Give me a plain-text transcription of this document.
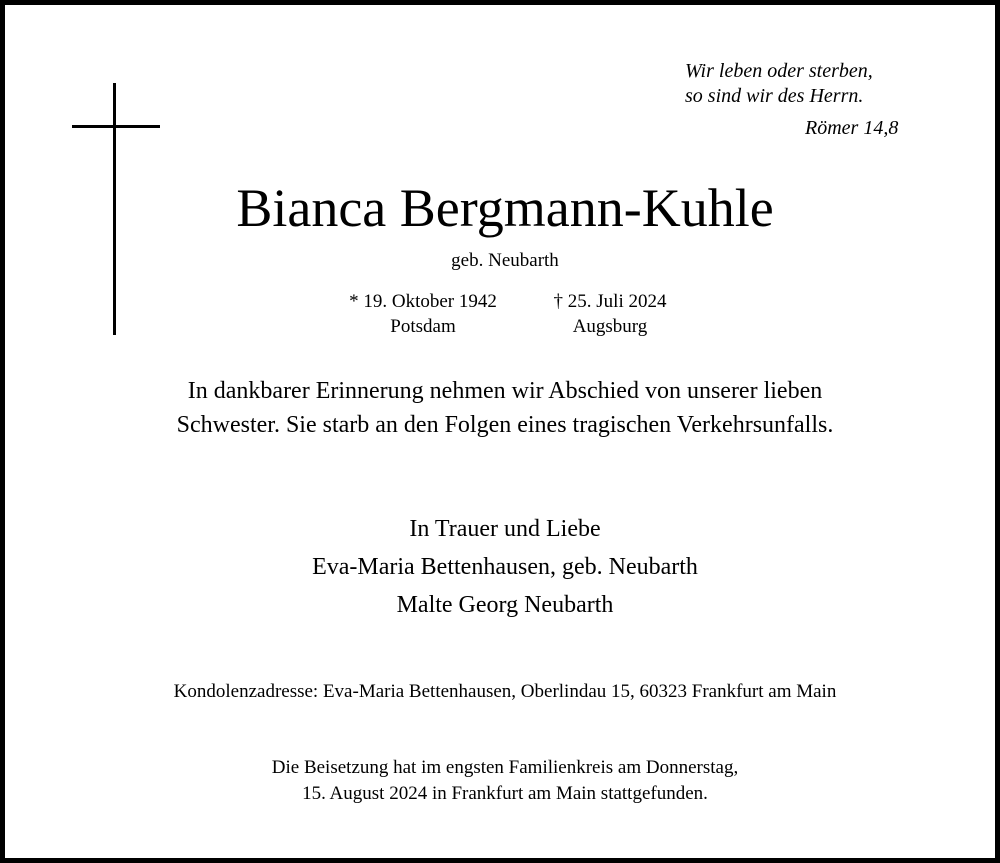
Wir leben oder sterben,
so sind wir des Herrn.
Römer 14,8
Bianca Bergmann-Kuhle
geb. Neubarth
* 19. Oktober 1942
Potsdam
† 25. Juli 2024
Augsburg
In dankbarer Erinnerung nehmen wir Abschied von unserer lieben
Schwester. Sie starb an den Folgen eines tragischen Verkehrsunfalls.
In Trauer und Liebe
Eva-Maria Bettenhausen, geb. Neubarth
Malte Georg Neubarth
Kondolenzadresse: Eva-Maria Bettenhausen, Oberlindau 15, 60323 Frankfurt am Main
Die Beisetzung hat im engsten Familienkreis am Donnerstag,
15. August 2024 in Frankfurt am Main stattgefunden.
